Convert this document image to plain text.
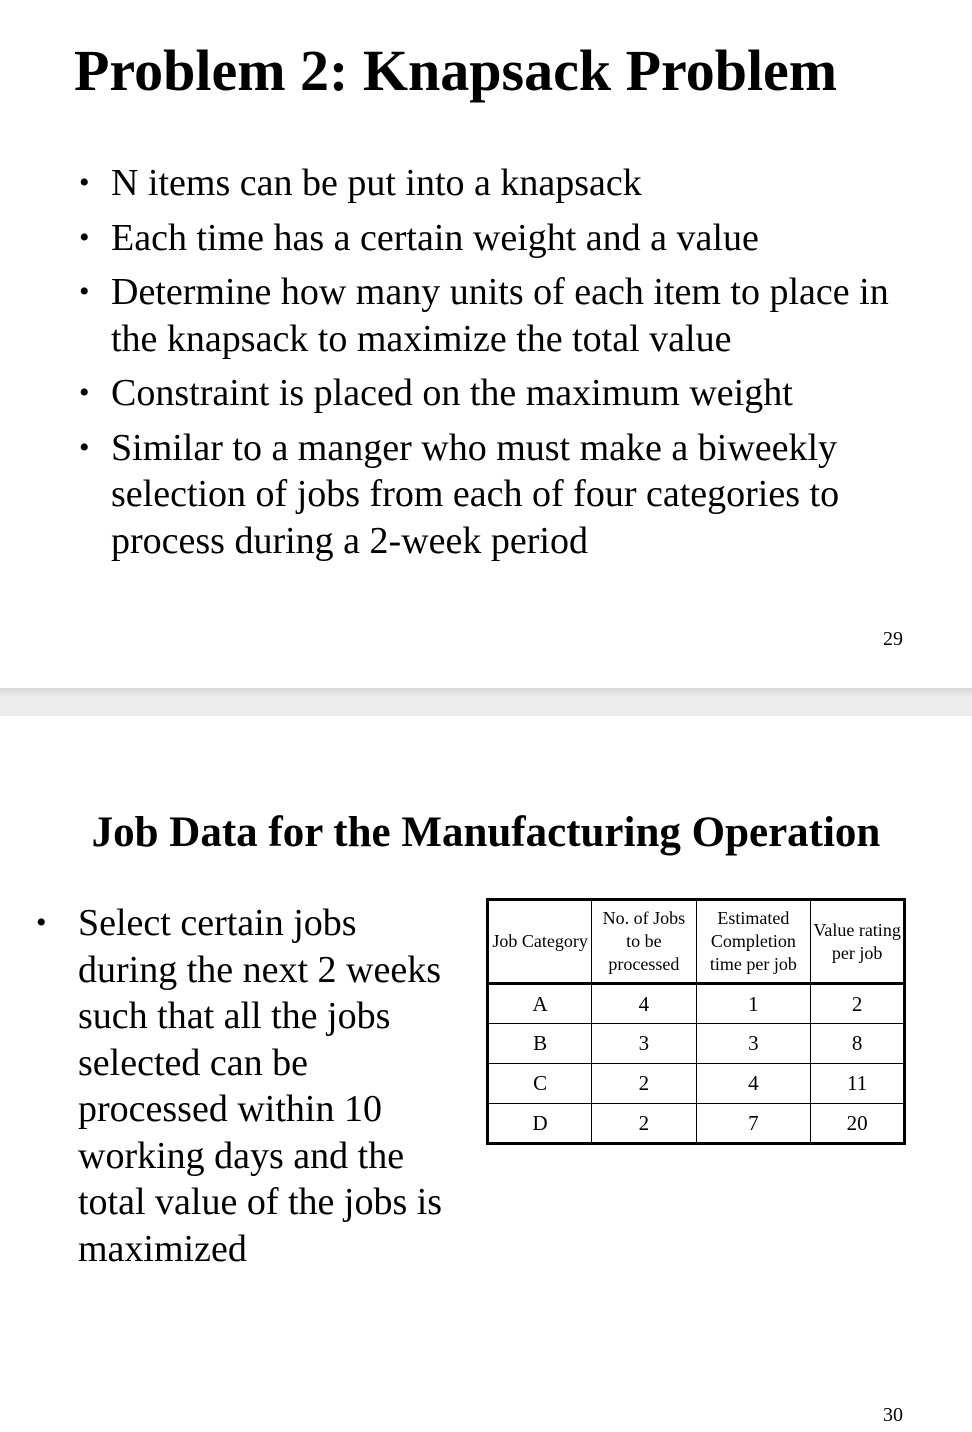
Problem 2: Knapsack Problem
• N items can be put into a knapsack
• Each time has a certain weight and a value
• Determine how many units of each item to place in the knapsack to maximize the total value
• Constraint is placed on the maximum weight
• Similar to a manger who must make a biweekly selection of jobs from each of four categories to process during a 2-week period
29
Job Data for the Manufacturing Operation
• Select certain jobs during the next 2 weeks such that all the jobs selected can be processed within 10 working days and the total value of the jobs is maximized
Job Category	No. of Jobs to be processed	Estimated Completion time per job	Value rating per job
A	4	1	2
B	3	3	8
C	2	4	11
D	2	7	20
30
